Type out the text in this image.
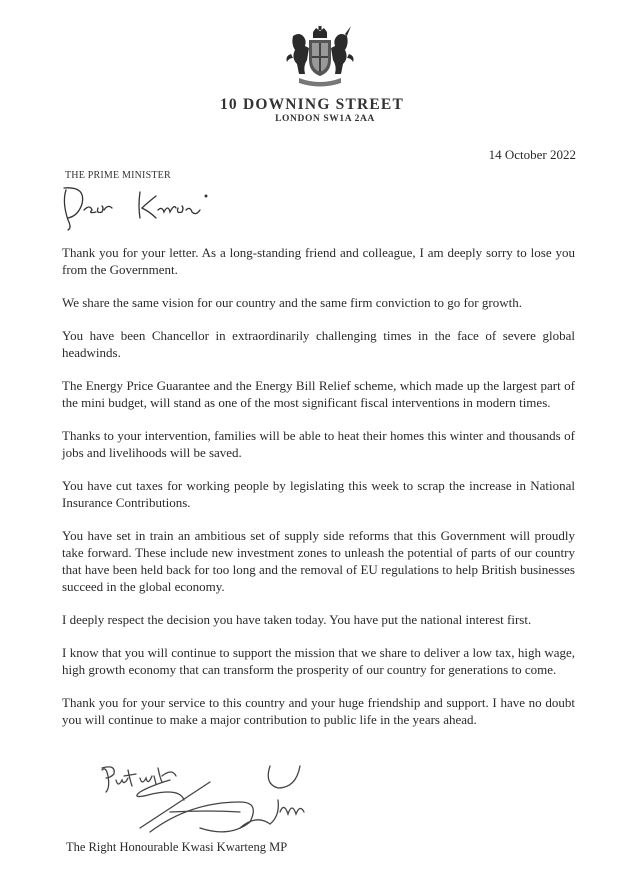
10 DOWNING STREET
LONDON SW1A 2AA
14 October 2022
THE PRIME MINISTER

Thank you for your letter. As a long-standing friend and colleague, I am deeply sorry to lose you from the Government.

We share the same vision for our country and the same firm conviction to go for growth.

You have been Chancellor in extraordinarily challenging times in the face of severe global headwinds.

The Energy Price Guarantee and the Energy Bill Relief scheme, which made up the largest part of the mini budget, will stand as one of the most significant fiscal interventions in modern times.

Thanks to your intervention, families will be able to heat their homes this winter and thousands of jobs and livelihoods will be saved.

You have cut taxes for working people by legislating this week to scrap the increase in National Insurance Contributions.

You have set in train an ambitious set of supply side reforms that this Government will proudly take forward. These include new investment zones to unleash the potential of parts of our country that have been held back for too long and the removal of EU regulations to help British businesses succeed in the global economy.

I deeply respect the decision you have taken today. You have put the national interest first.

I know that you will continue to support the mission that we share to deliver a low tax, high wage, high growth economy that can transform the prosperity of our country for generations to come.

Thank you for your service to this country and your huge friendship and support. I have no doubt you will continue to make a major contribution to public life in the years ahead.

The Right Honourable Kwasi Kwarteng MP
